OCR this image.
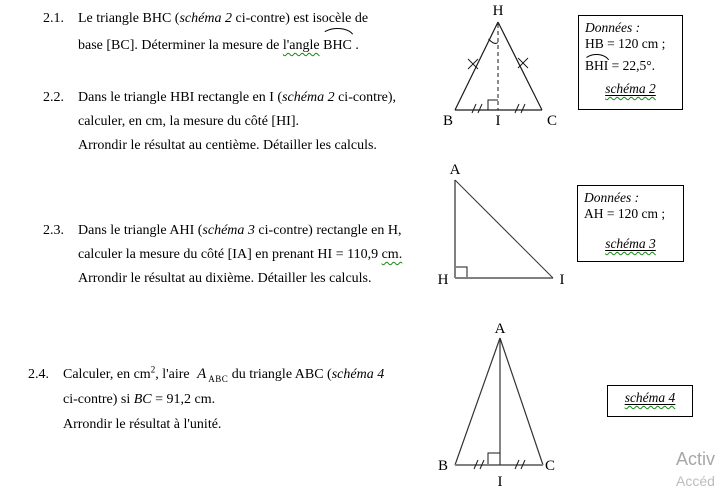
2.1. Le triangle BHC (schéma 2 ci-contre) est isocèle de
base [BC]. Déterminer la mesure de l'angle BHC .
2.2. Dans le triangle HBI rectangle en I (schéma 2 ci-contre),
calculer, en cm, la mesure du côté [HI].
Arrondir le résultat au centième. Détailler les calculs.
2.3. Dans le triangle AHI (schéma 3 ci-contre) rectangle en H,
calculer la mesure du côté [IA] en prenant HI = 110,9 cm.
Arrondir le résultat au dixième. Détailler les calculs.
2.4. Calculer, en $cm^2$, l'aire A $_{ABC}$ du triangle ABC (schéma 4
ci-contre) si BC = 91,2 cm.
Arrondir le résultat à l'unité.
H
B	I	C
Données :
HB = 120 cm ;
BHI = 22,5°.
schéma 2
A
H	I
Données :
AH = 120 cm ;
schéma 3
A
B	C
I
schéma 4
Activ
Accéd
